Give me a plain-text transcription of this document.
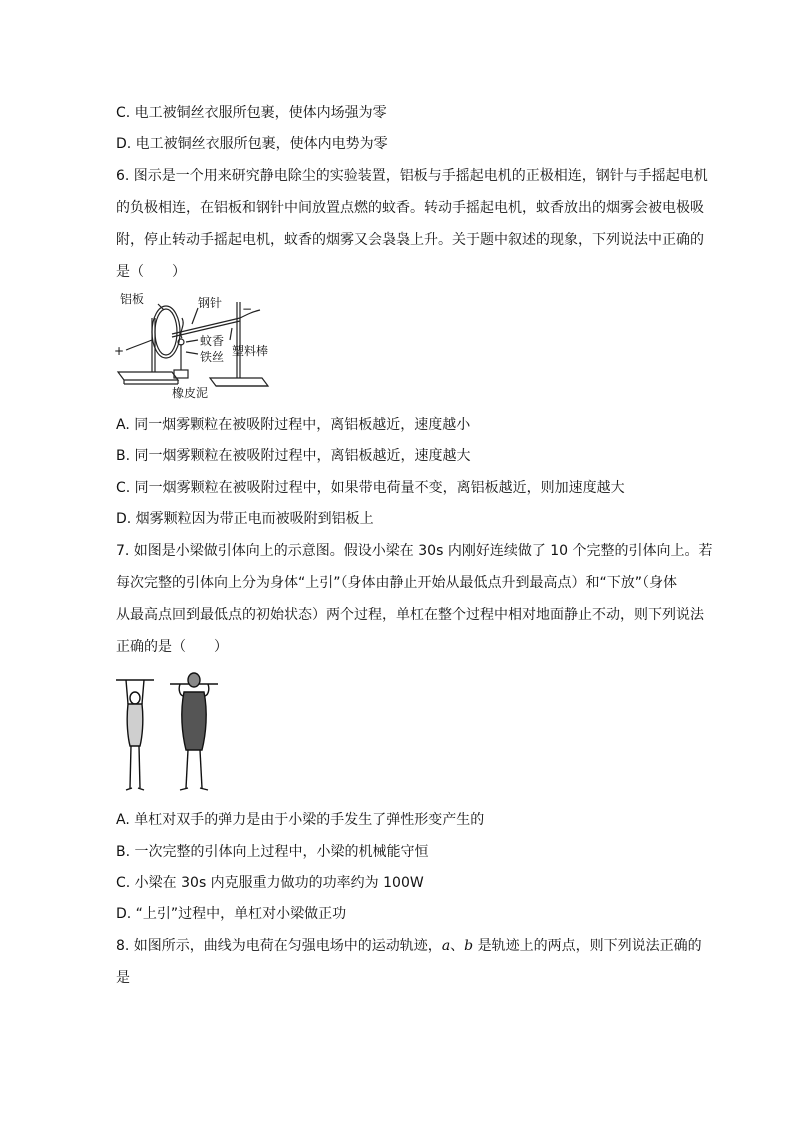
C. 电工被铜丝衣服所包裹，使体内场强为零
D. 电工被铜丝衣服所包裹，使体内电势为零
6. 图示是一个用来研究静电除尘的实验装置，铝板与手摇起电机的正极相连，钢针与手摇起电机
的负极相连，在铝板和钢针中间放置点燃的蚊香。转动手摇起电机，蚊香放出的烟雾会被电极吸
附，停止转动手摇起电机，蚊香的烟雾又会袅袅上升。关于题中叙述的现象，下列说法中正确的
是（　　）
铝板	钢针 −
+
蚊香
塑料棒
铁丝
橡皮泥
A. 同一烟雾颗粒在被吸附过程中，离铝板越近，速度越小
B. 同一烟雾颗粒在被吸附过程中，离铝板越近，速度越大
C. 同一烟雾颗粒在被吸附过程中，如果带电荷量不变，离铝板越近，则加速度越大
D. 烟雾颗粒因为带正电而被吸附到铝板上
7. 如图是小梁做引体向上的示意图。假设小梁在 30s 内刚好连续做了 10 个完整的引体向上。若
每次完整的引体向上分为身体“上引”（身体由静止开始从最低点升到最高点）和“下放”（身体
从最高点回到最低点的初始状态）两个过程，单杠在整个过程中相对地面静止不动，则下列说法
正确的是（　　）
A. 单杠对双手的弹力是由于小梁的手发生了弹性形变产生的
B. 一次完整的引体向上过程中，小梁的机械能守恒
C. 小梁在 30s 内克服重力做功的功率约为 100W
D. “上引”过程中，单杠对小梁做正功
8. 如图所示，曲线为电荷在匀强电场中的运动轨迹，a、b 是轨迹上的两点，则下列说法正确的
是
